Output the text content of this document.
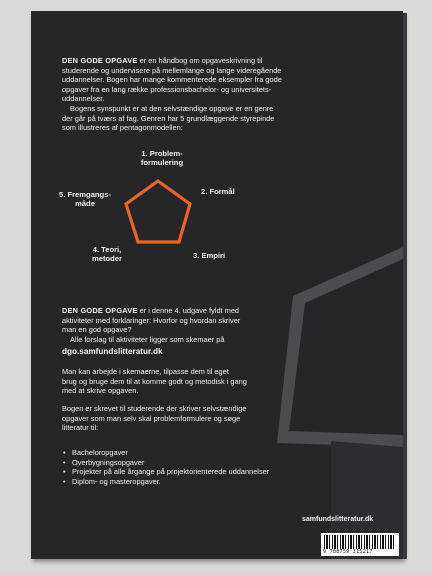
DEN GODE OPGAVE er en håndbog om opgaveskrivning til

studerende og undervisere på mellemlange og lange videregående

uddannelser. Bogen har mange kommenterede eksempler fra gode

opgaver fra en lang række professionsbachelor- og universitets-

uddannelser.

Bogens synspunkt er at den selvstændige opgave er en genre

der går på tværs af fag. Genren har 5 grundlæggende styrepinde

som illustreres af pentagonmodellen:

1. Problem-
formulering
2. Formål
3. Empiri
4. Teori,
metoder
5. Fremgangs-
måde

DEN GODE OPGAVE er i denne 4. udgave fyldt med

aktiviteter med forklaringer: Hvorfor og hvordan skriver

man en god opgave?

Alle forslag til aktiviteter ligger som skemaer på

dgo.samfundslitteratur.dk

Man kan arbejde i skemaerne, tilpasse dem til eget

brug og bruge dem til at komme godt og metodisk i gang

med at skrive opgaven.

Bogen er skrevet til studerende der skriver selvstændige

opgaver som man selv skal problemformulere og søge

litteratur til:

• Bacheloropgaver
• Overbygningsopgaver
• Projekter på alle årgange på projektorienterede uddannelser
• Diplom- og masteropgaver.
samfundslitteratur.dk
9 788759 315217
